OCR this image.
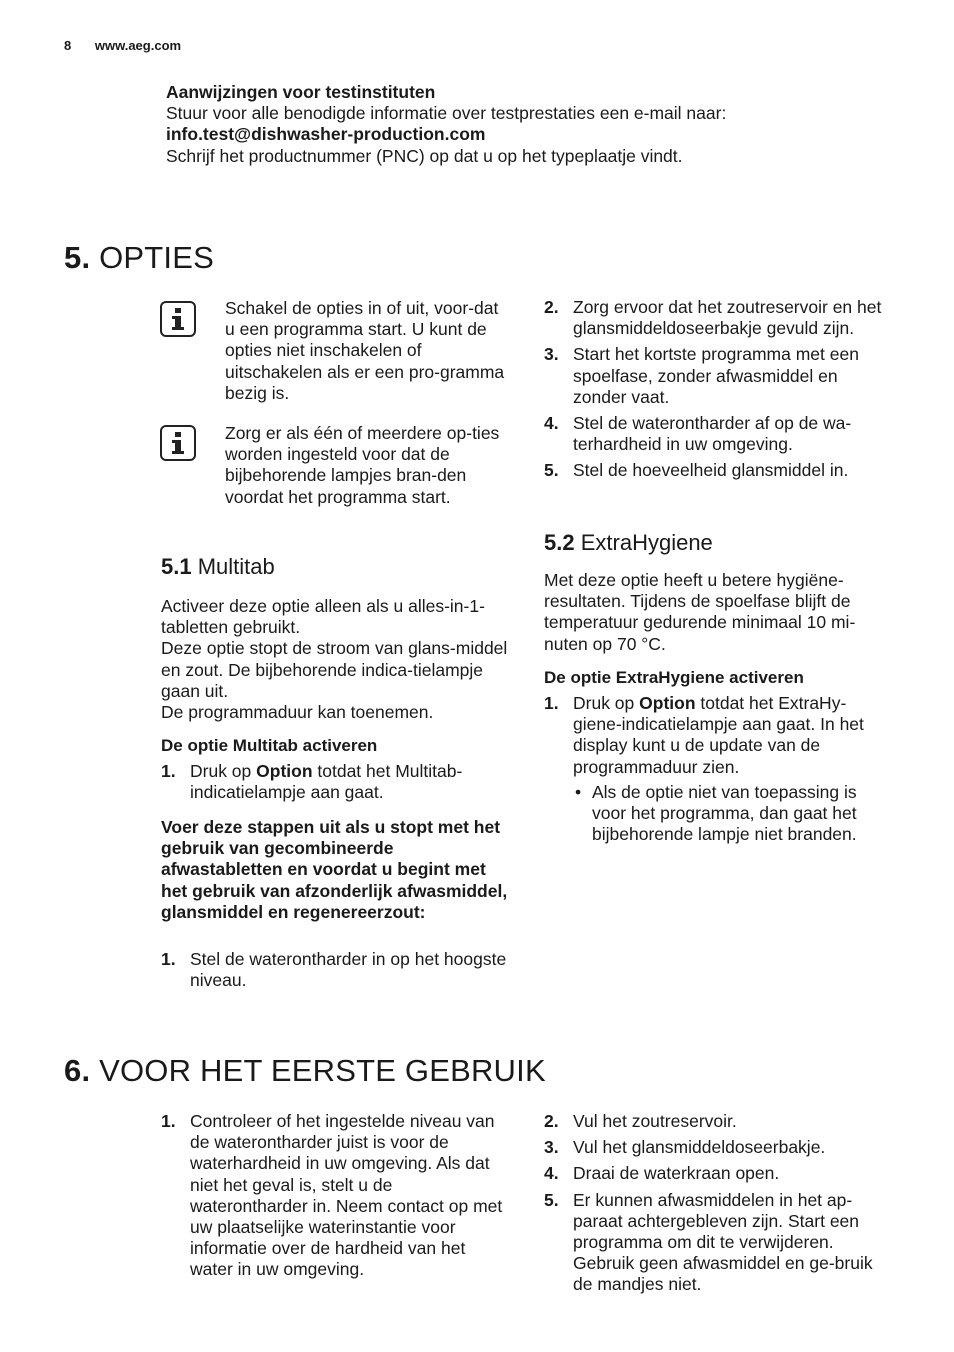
8 www.aeg.com
Aanwijzingen voor testinstituten
Stuur voor alle benodigde informatie over testprestaties een e-mail naar:
info.test@dishwasher-production.com
Schrijf het productnummer (PNC) op dat u op het typeplaatje vindt.
5. OPTIES
Schakel de opties in of uit, voor-dat u een programma start. U kunt de opties niet inschakelen of uitschakelen als er een pro-gramma bezig is.
Zorg er als één of meerdere op-ties worden ingesteld voor dat de bijbehorende lampjes bran-den voordat het programma start.
5.1 Multitab
Activeer deze optie alleen als u alles-in-1-tabletten gebruikt.
Deze optie stopt de stroom van glans-middel en zout. De bijbehorende indica-tielampje gaan uit.
De programmaduur kan toenemen.
De optie Multitab activeren
1. Druk op Option totdat het Multitab-indicatielampje aan gaat.
Voer deze stappen uit als u stopt met het gebruik van gecombineerde afwastabletten en voordat u begint met het gebruik van afzonderlijk afwasmiddel, glansmiddel en regenereerzout:
1. Stel de waterontharder in op het hoogste niveau.
2. Zorg ervoor dat het zoutreservoir en het glansmiddeldoseerbakje gevuld zijn.
3. Start het kortste programma met een spoelfase, zonder afwasmiddel en zonder vaat.
4. Stel de waterontharder af op de wa-terhardheid in uw omgeving.
5. Stel de hoeveelheid glansmiddel in.
5.2 ExtraHygiene
Met deze optie heeft u betere hygiëne-resultaten. Tijdens de spoelfase blijft de temperatuur gedurende minimaal 10 mi-nuten op 70 °C.
De optie ExtraHygiene activeren
1. Druk op Option totdat het ExtraHy-giene-indicatielampje aan gaat. In het display kunt u de update van de programmaduur zien.
• Als de optie niet van toepassing is voor het programma, dan gaat het bijbehorende lampje niet branden.
6. VOOR HET EERSTE GEBRUIK
1. Controleer of het ingestelde niveau van de waterontharder juist is voor de waterhardheid in uw omgeving. Als dat niet het geval is, stelt u de waterontharder in. Neem contact op met uw plaatselijke waterinstantie voor informatie over de hardheid van het water in uw omgeving.
2. Vul het zoutreservoir.
3. Vul het glansmiddeldoseerbakje.
4. Draai de waterkraan open.
5. Er kunnen afwasmiddelen in het ap-paraat achtergebleven zijn. Start een programma om dit te verwijderen. Gebruik geen afwasmiddel en ge-bruik de mandjes niet.
